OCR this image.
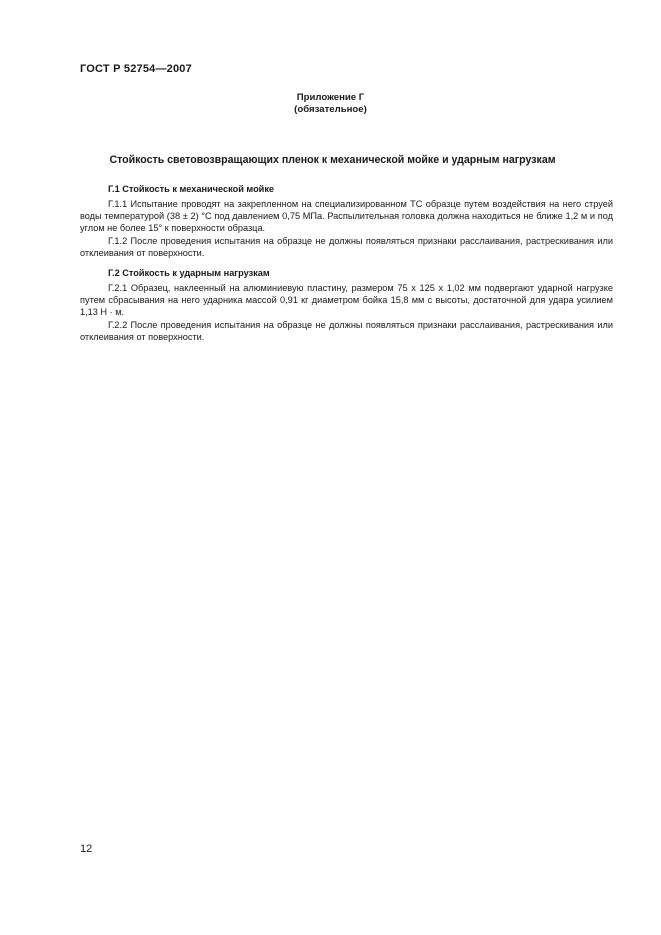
ГОСТ Р 52754—2007
Приложение Г
(обязательное)
Стойкость световозвращающих пленок к механической мойке и ударным нагрузкам
Г.1 Стойкость к механической мойке

Г.1.1 Испытание проводят на закрепленном на специализированном ТС образце путем воздействия на него струей воды температурой (38 ± 2) °С под давлением 0,75 МПа. Распылительная головка должна находиться не ближе 1,2 м и под углом не более 15° к поверхности образца.

Г.1.2 После проведения испытания на образце не должны появляться признаки расслаивания, растрескивания или отклеивания от поверхности.

Г.2 Стойкость к ударным нагрузкам

Г.2.1 Образец, наклеенный на алюминиевую пластину, размером 75 x 125 x 1,02 мм подвергают ударной нагрузке путем сбрасывания на него ударника массой 0,91 кг диаметром бойка 15,8 мм с высоты, достаточной для удара усилием 1,13 Н · м.

Г.2.2 После проведения испытания на образце не должны появляться признаки расслаивания, растрескивания или отклеивания от поверхности.

12
